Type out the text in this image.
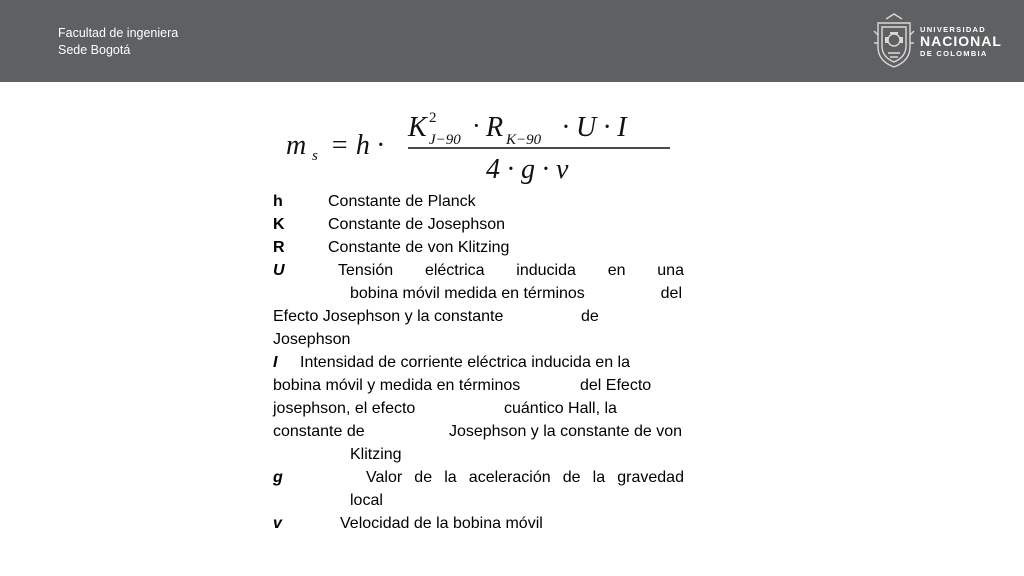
Facultad de ingeniera
Sede Bogotá
UNIVERSIDAD
NACIONAL
DE COLOMBIA
m s = h ·
K 2
J−90 · R K−90 · U · I
4 · g · v
h	Constante de Planck
K	Constante de Josephson
R	Constante de von Klitzing
U	Tensión eléctrica inducida en una
bobina móvil medida en términos	del
Efecto Josephson y la constante	de
Josephson
I Intensidad de corriente eléctrica inducida en la
bobina móvil y medida en términos	del Efecto
josephson, el efecto	cuántico Hall, la
constante de	Josephson y la constante de von
Klitzing
g	Valor de la aceleración de la gravedad
local
v	Velocidad de la bobina móvil
